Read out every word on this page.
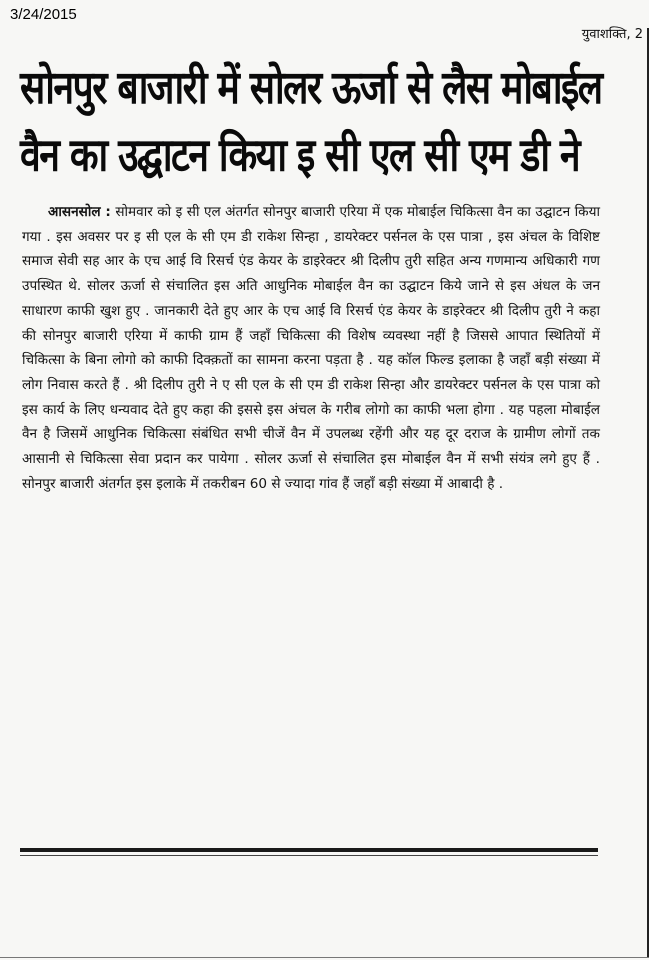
3/24/2015
युवाशक्ति, 2
सोनपुर बाजारी में सोलर ऊर्जा से लैस मोबाईल
वैन का उद्घाटन किया इ सी एल सी एम डी ने
आसनसोल : सोमवार को इ सी एल अंतर्गत सोनपुर बाजारी एरिया में एक मोबाईल चिकित्सा वैन का उद्घाटन किया गया . इस अवसर पर इ सी एल के सी एम डी राकेश सिन्हा , डायरेक्टर पर्सनल के एस पात्रा , इस अंचल के विशिष्ट समाज सेवी सह आर के एच आई वि रिसर्च एंड केयर के डाइरेक्टर श्री दिलीप तुरी सहित अन्य गणमान्य अधिकारी गण उपस्थित थे. सोलर ऊर्जा से संचालित इस अति आधुनिक मोबाईल वैन का उद्घाटन किये जाने से इस अंधल के जन साधारण काफी खुश हुए . जानकारी देते हुए आर के एच आई वि रिसर्च एंड केयर के डाइरेक्टर श्री दिलीप तुरी ने कहा की सोनपुर बाजारी एरिया में काफी ग्राम हैं जहाँ चिकित्सा की विशेष व्यवस्था नहीं है जिससे आपात स्थितियों में चिकित्सा के बिना लोगो को काफी दिक्क़तों का सामना करना पड़ता है . यह कॉल फिल्ड इलाका है जहाँ बड़ी संख्या में लोग निवास करते हैं . श्री दिलीप तुरी ने ए सी एल के सी एम डी राकेश सिन्हा और डायरेक्टर पर्सनल के एस पात्रा को इस कार्य के लिए धन्यवाद देते हुए कहा की इससे इस अंचल के गरीब लोगो का काफी भला होगा . यह पहला मोबाईल वैन है जिसमें आधुनिक चिकित्सा संबंधित सभी चीजें वैन में उपलब्ध रहेंगी और यह दूर दराज के ग्रामीण लोगों तक आसानी से चिकित्सा सेवा प्रदान कर पायेगा . सोलर ऊर्जा से संचालित इस मोबाईल वैन में सभी संयंत्र लगे हुए हैं . सोनपुर बाजारी अंतर्गत इस इलाके में तकरीबन 60 से ज्यादा गांव हैं जहाँ बड़ी संख्या में आबादी है .
